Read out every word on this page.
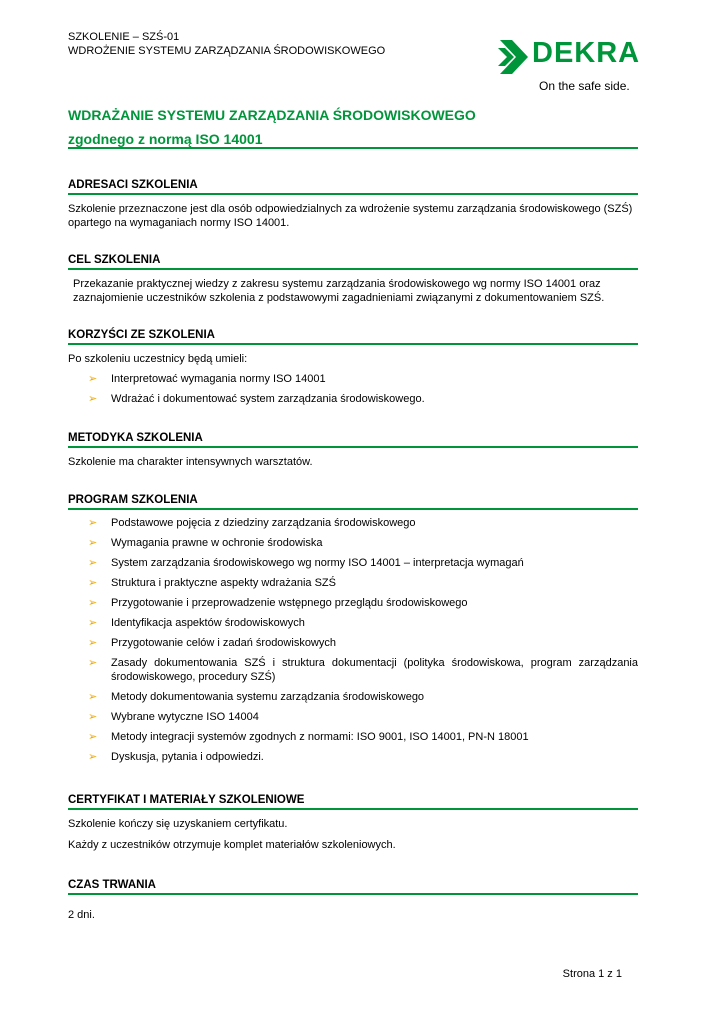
SZKOLENIE – SZŚ-01
WDROŻENIE SYSTEMU ZARZĄDZANIA ŚRODOWISKOWEGO	DEKRA
On the safe side.
WDRAŻANIE SYSTEMU ZARZĄDZANIA ŚRODOWISKOWEGO
zgodnego z normą ISO 14001
ADRESACI SZKOLENIA
Szkolenie przeznaczone jest dla osób odpowiedzialnych za wdrożenie systemu zarządzania środowiskowego (SZŚ) opartego na wymaganiach normy ISO 14001.
CEL SZKOLENIA
Przekazanie praktycznej wiedzy z zakresu systemu zarządzania środowiskowego wg normy ISO 14001 oraz zaznajomienie uczestników szkolenia z podstawowymi zagadnieniami związanymi z dokumentowaniem SZŚ.
KORZYŚCI ZE SZKOLENIA
Po szkoleniu uczestnicy będą umieli:
➢ Interpretować wymagania normy ISO 14001
➢ Wdrażać i dokumentować system zarządzania środowiskowego.
METODYKA SZKOLENIA
Szkolenie ma charakter intensywnych warsztatów.
PROGRAM SZKOLENIA
➢ Podstawowe pojęcia z dziedziny zarządzania środowiskowego
➢ Wymagania prawne w ochronie środowiska
➢ System zarządzania środowiskowego wg normy ISO 14001 – interpretacja wymagań
➢ Struktura i praktyczne aspekty wdrażania SZŚ
➢ Przygotowanie i przeprowadzenie wstępnego przeglądu środowiskowego
➢ Identyfikacja aspektów środowiskowych
➢ Przygotowanie celów i zadań środowiskowych
➢ Zasady dokumentowania SZŚ i struktura dokumentacji (polityka środowiskowa, program zarządzania środowiskowego, procedury SZŚ)
➢ Metody dokumentowania systemu zarządzania środowiskowego
➢ Wybrane wytyczne ISO 14004
➢ Metody integracji systemów zgodnych z normami: ISO 9001, ISO 14001, PN-N 18001
➢ Dyskusja, pytania i odpowiedzi.
CERTYFIKAT I MATERIAŁY SZKOLENIOWE
Szkolenie kończy się uzyskaniem certyfikatu.
Każdy z uczestników otrzymuje komplet materiałów szkoleniowych.
CZAS TRWANIA
2 dni.
Strona 1 z 1
